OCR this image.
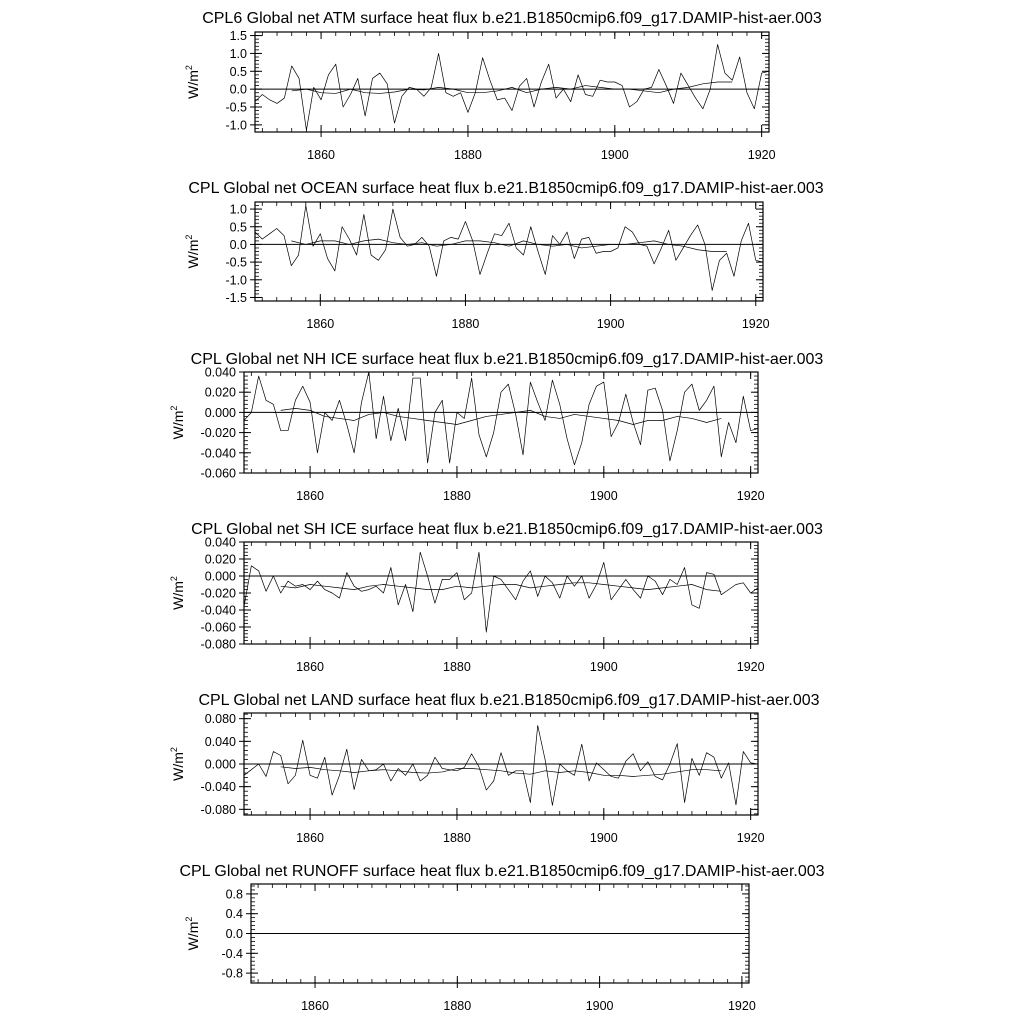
CPL6 Global net ATM surface heat flux b.e21.B1850cmip6.f09_g17.DAMIP-hist-aer.003
-1.0
-0.5
0.0
0.5
1.0
1.5
1860	1880	1900	1920
$W/m^2$
CPL Global net OCEAN surface heat flux b.e21.B1850cmip6.f09_g17.DAMIP-hist-aer.003
-1.5
-1.0
-0.5
0.0
0.5
1.0
1860	1880	1900	1920
$W/m^2$
CPL Global net NH ICE surface heat flux b.e21.B1850cmip6.f09_g17.DAMIP-hist-aer.003
-0.060
-0.040
-0.020
0.000
0.020
0.040
1860	1880	1900	1920
$W/m^2$
CPL Global net SH ICE surface heat flux b.e21.B1850cmip6.f09_g17.DAMIP-hist-aer.003
-0.080
-0.060
-0.040
-0.020
0.000
0.020
0.040
1860	1880	1900	1920
$W/m^2$
CPL Global net LAND surface heat flux b.e21.B1850cmip6.f09_g17.DAMIP-hist-aer.003
-0.080
-0.040
0.000
0.040
0.080
1860	1880	1900	1920
$W/m^2$
CPL Global net RUNOFF surface heat flux b.e21.B1850cmip6.f09_g17.DAMIP-hist-aer.003
-0.8
-0.4
0.0
0.4
0.8
1860	1880	1900	1920
$W/m^2$
